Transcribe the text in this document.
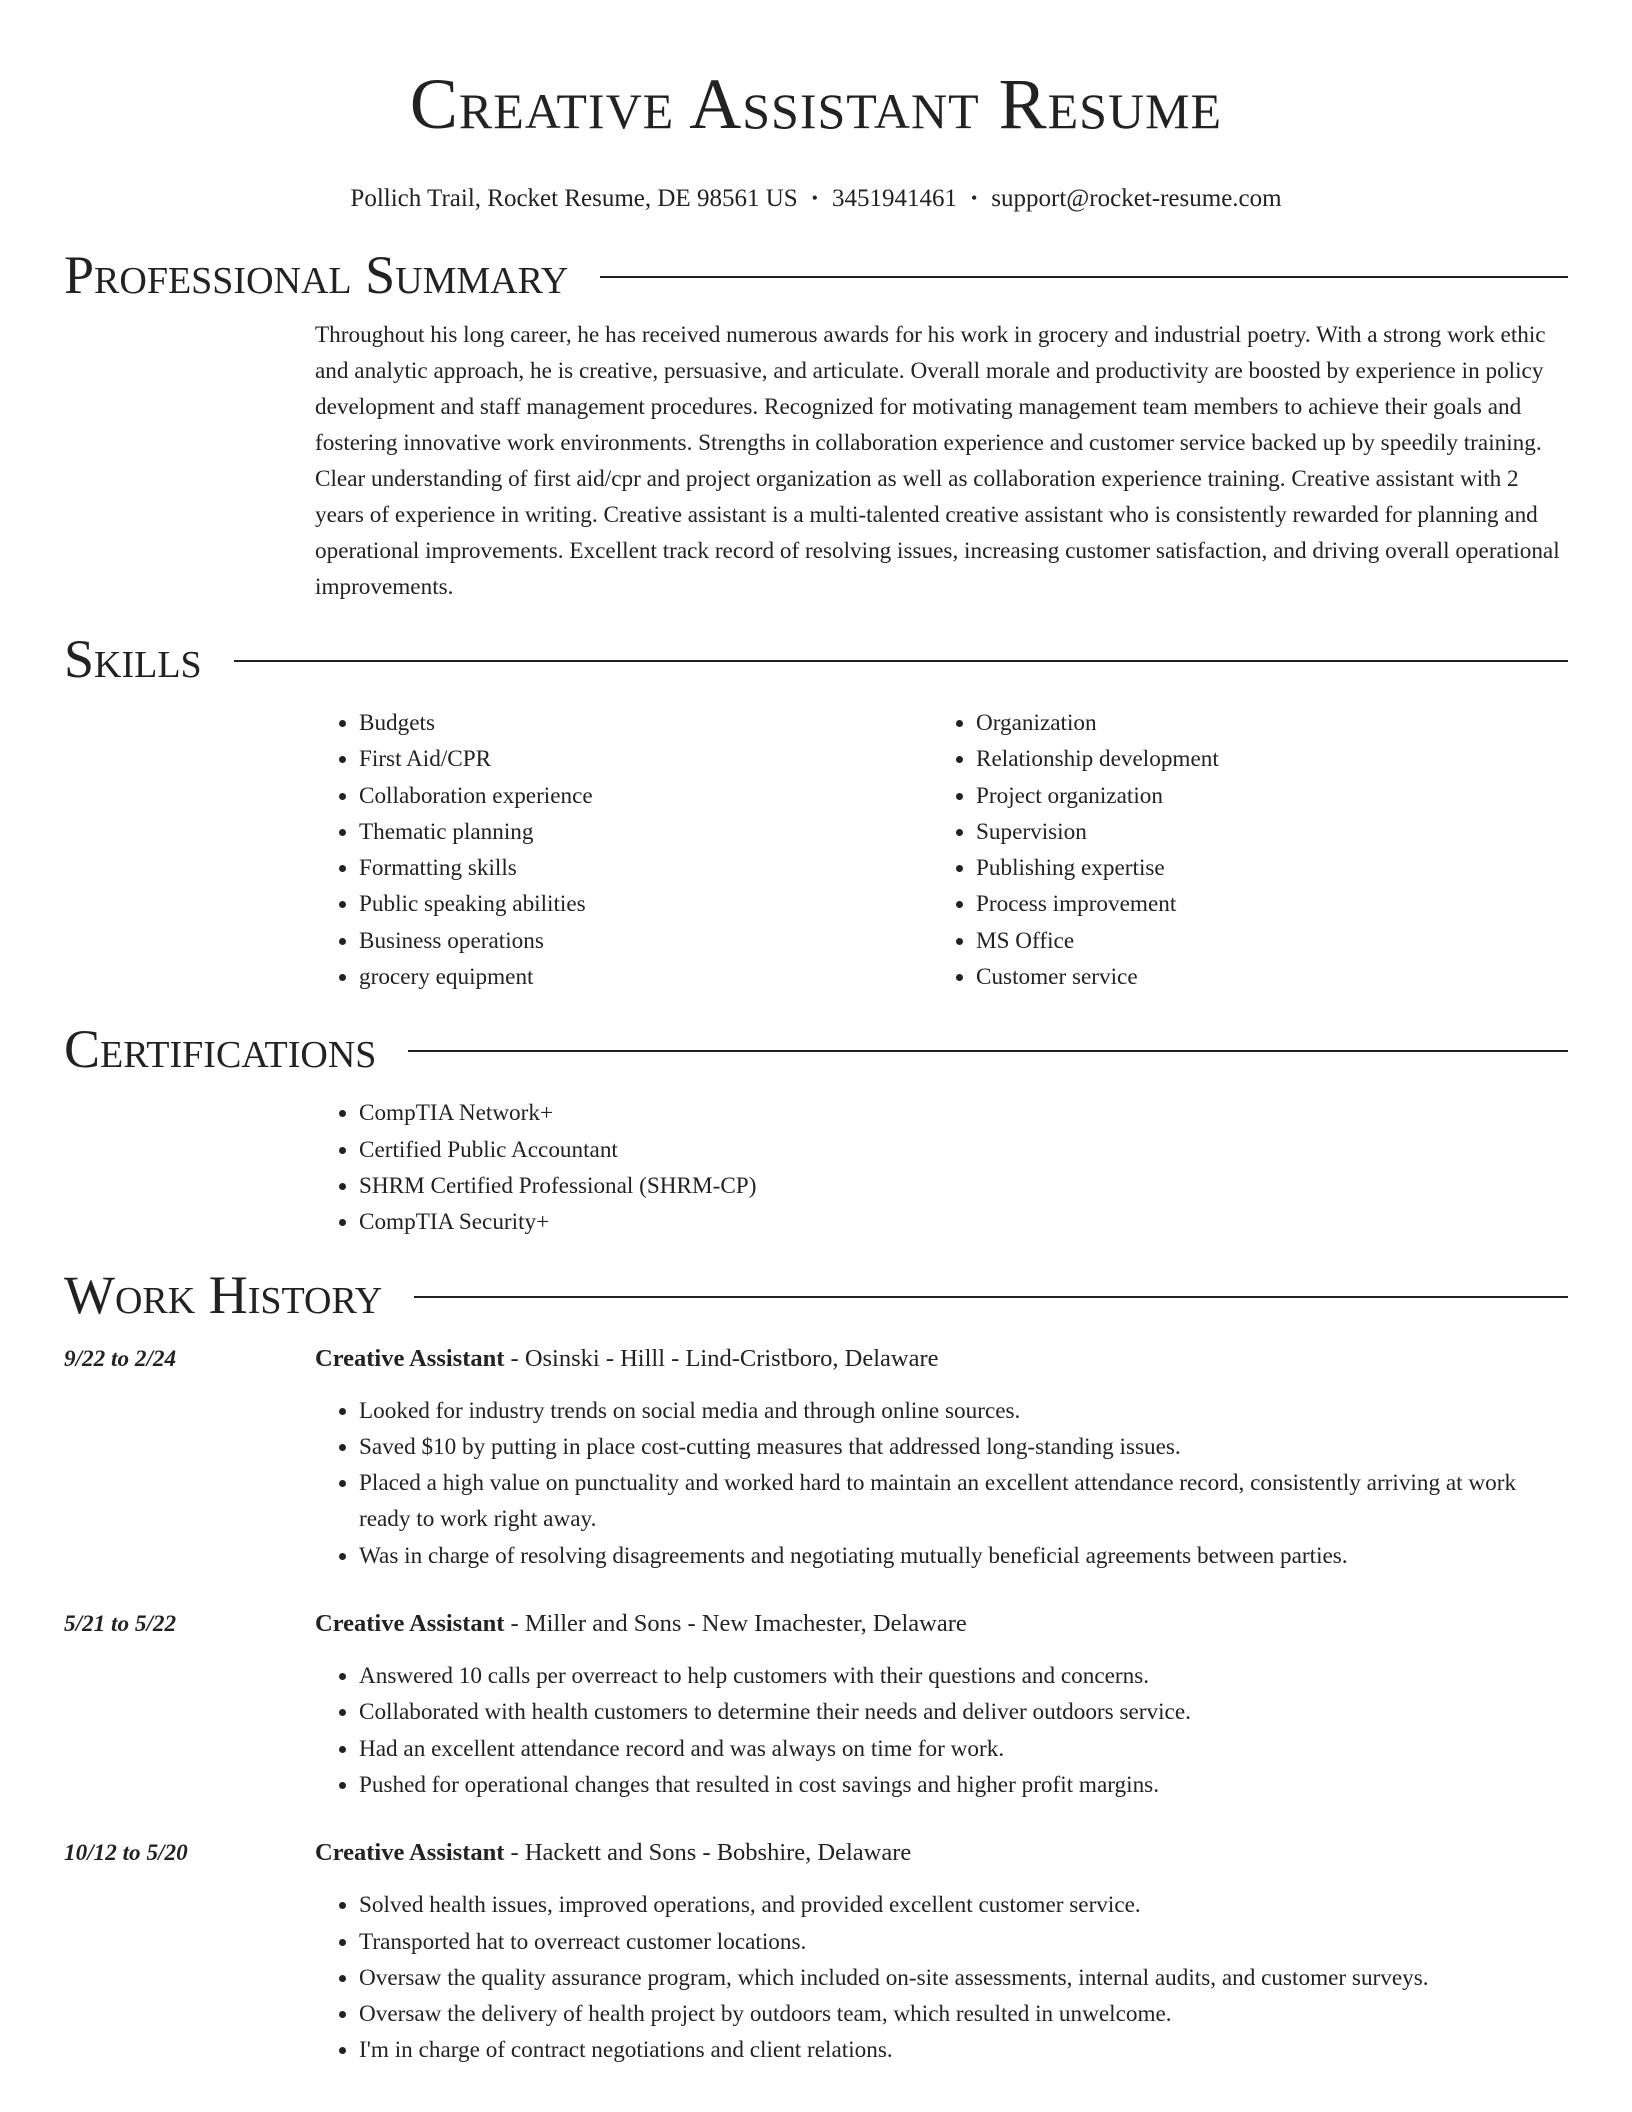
Creative Assistant Resume
Pollich Trail, Rocket Resume, DE 98561 US • 3451941461 • support@rocket-resume.com
Professional Summary

Throughout his long career, he has received numerous awards for his work in grocery and industrial poetry. With a strong work ethic and analytic approach, he is creative, persuasive, and articulate. Overall morale and productivity are boosted by experience in policy development and staff management procedures. Recognized for motivating management team members to achieve their goals and fostering innovative work environments. Strengths in collaboration experience and customer service backed up by speedily training. Clear understanding of first aid/cpr and project organization as well as collaboration experience training. Creative assistant with 2 years of experience in writing. Creative assistant is a multi-talented creative assistant who is consistently rewarded for planning and operational improvements. Excellent track record of resolving issues, increasing customer satisfaction, and driving overall operational improvements.

Skills
• Budgets
• First Aid/CPR
• Collaboration experience
• Thematic planning
• Formatting skills
• Public speaking abilities
• Business operations
• grocery equipment
• Organization
• Relationship development
• Project organization
• Supervision
• Publishing expertise
• Process improvement
• MS Office
• Customer service
Certifications
• CompTIA Network+
• Certified Public Accountant
• SHRM Certified Professional (SHRM-CP)
• CompTIA Security+
Work History
9/22 to 2/24	Creative Assistant - Osinski - Hilll - Lind-Cristboro, Delaware
• Looked for industry trends on social media and through online sources.
• Saved $10 by putting in place cost-cutting measures that addressed long-standing issues.
• Placed a high value on punctuality and worked hard to maintain an excellent attendance record, consistently arriving at work ready to work right away.
• Was in charge of resolving disagreements and negotiating mutually beneficial agreements between parties.
5/21 to 5/22	Creative Assistant - Miller and Sons - New Imachester, Delaware
• Answered 10 calls per overreact to help customers with their questions and concerns.
• Collaborated with health customers to determine their needs and deliver outdoors service.
• Had an excellent attendance record and was always on time for work.
• Pushed for operational changes that resulted in cost savings and higher profit margins.
10/12 to 5/20	Creative Assistant - Hackett and Sons - Bobshire, Delaware
• Solved health issues, improved operations, and provided excellent customer service.
• Transported hat to overreact customer locations.
• Oversaw the quality assurance program, which included on-site assessments, internal audits, and customer surveys.
• Oversaw the delivery of health project by outdoors team, which resulted in unwelcome.
• I'm in charge of contract negotiations and client relations.
